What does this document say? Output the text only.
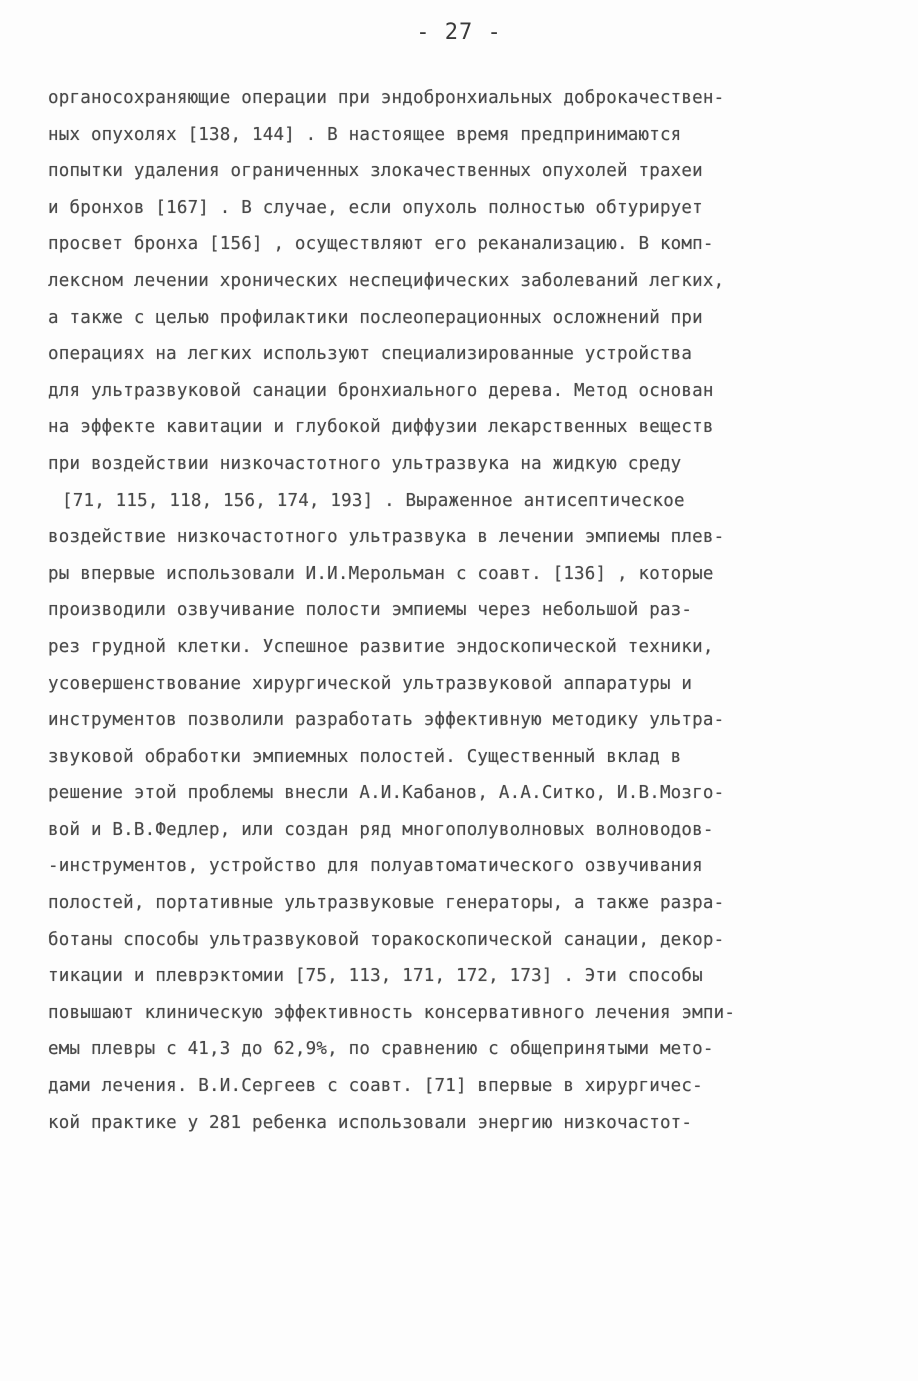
- 27 -
органосохраняющие операции при эндобронхиальных доброкачествен-
ных опухолях [138, 144] . В настоящее время предпринимаются
попытки удаления ограниченных злокачественных опухолей трахеи
и бронхов [167] . В случае, если опухоль полностью обтурирует
просвет бронха [156] , осуществляют его реканализацию. В комп-
лексном лечении хронических неспецифических заболеваний легких,
а также с целью профилактики послеоперационных осложнений при
операциях на легких используют специализированные устройства
для ультразвуковой санации бронхиального дерева. Метод основан
на эффекте кавитации и глубокой диффузии лекарственных веществ
при воздействии низкочастотного ультразвука на жидкую среду
[71, 115, 118, 156, 174, 193] . Выраженное антисептическое
воздействие низкочастотного ультразвука в лечении эмпиемы плев-
ры впервые использовали И.И.Мерольман с соавт. [136] , которые
производили озвучивание полости эмпиемы через небольшой раз-
рез грудной клетки. Успешное развитие эндоскопической техники,
усовершенствование хирургической ультразвуковой аппаратуры и
инструментов позволили разработать эффективную методику ультра-
звуковой обработки эмпиемных полостей. Существенный вклад в
решение этой проблемы внесли А.И.Кабанов, А.А.Ситко, И.В.Мозго-
вой и В.В.Федлер, или создан ряд многополуволновых волноводов-
-инструментов, устройство для полуавтоматического озвучивания
полостей, портативные ультразвуковые генераторы, а также разра-
ботаны способы ультразвуковой торакоскопической санации, декор-
тикации и плеврэктомии [75, 113, 171, 172, 173] . Эти способы
повышают клиническую эффективность консервативного лечения эмпи-
емы плевры с 41,3 до 62,9%, по сравнению с общепринятыми мето-
дами лечения. В.И.Сергеев с соавт. [71] впервые в хирургичес-
кой практике у 281 ребенка использовали энергию низкочастот-
